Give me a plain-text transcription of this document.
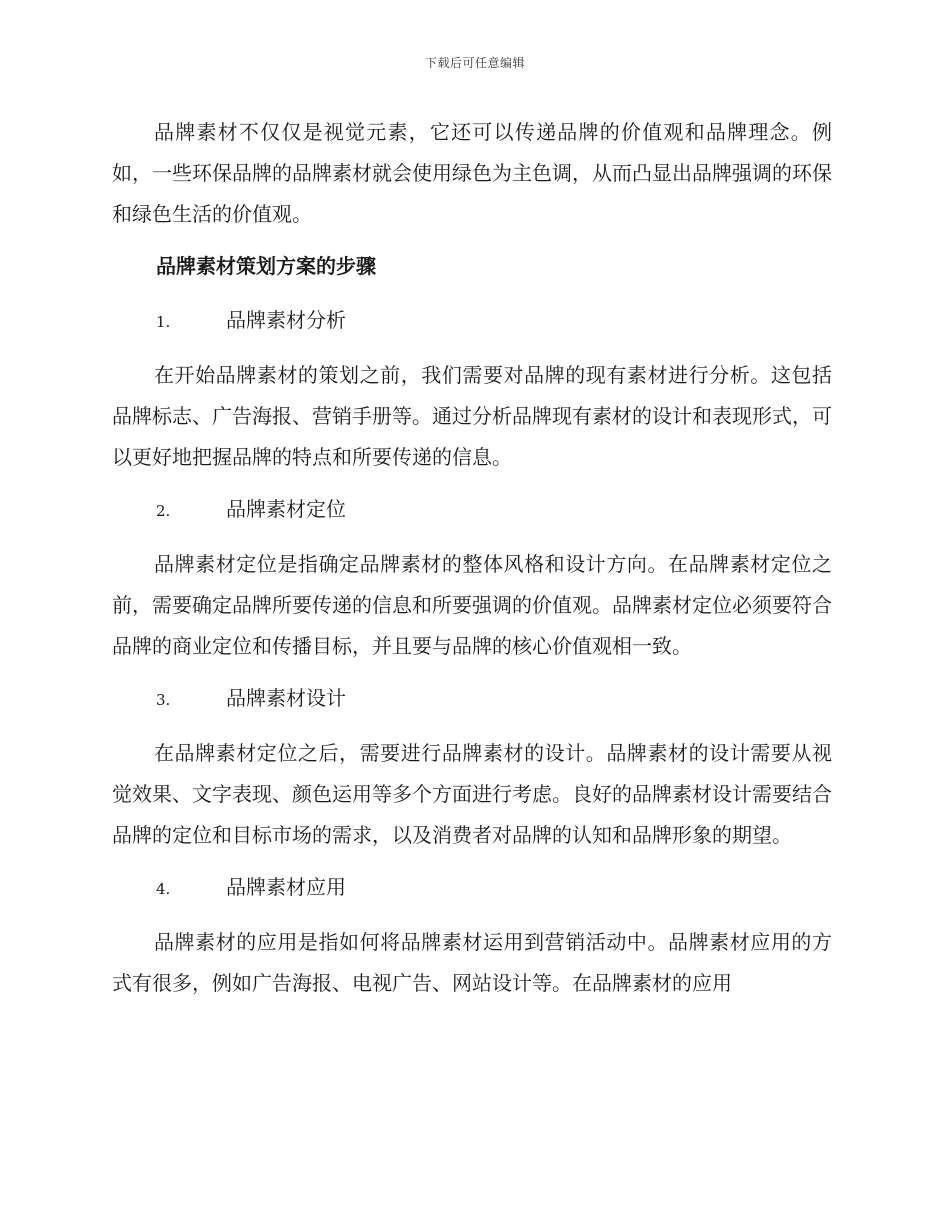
下载后可任意编辑

品牌素材不仅仅是视觉元素，它还可以传递品牌的价值观和品牌理念。例如，一些环保品牌的品牌素材就会使用绿色为主色调，从而凸显出品牌强调的环保和绿色生活的价值观。

品牌素材策划方案的步骤
1.	品牌素材分析

在开始品牌素材的策划之前，我们需要对品牌的现有素材进行分析。这包括品牌标志、广告海报、营销手册等。通过分析品牌现有素材的设计和表现形式，可以更好地把握品牌的特点和所要传递的信息。

2.	品牌素材定位

品牌素材定位是指确定品牌素材的整体风格和设计方向。在品牌素材定位之前，需要确定品牌所要传递的信息和所要强调的价值观。品牌素材定位必须要符合品牌的商业定位和传播目标，并且要与品牌的核心价值观相一致。

3.	品牌素材设计

在品牌素材定位之后，需要进行品牌素材的设计。品牌素材的设计需要从视觉效果、文字表现、颜色运用等多个方面进行考虑。良好的品牌素材设计需要结合品牌的定位和目标市场的需求，以及消费者对品牌的认知和品牌形象的期望。

4.	品牌素材应用

品牌素材的应用是指如何将品牌素材运用到营销活动中。品牌素材应用的方式有很多，例如广告海报、电视广告、网站设计等。在品牌素材的应用
